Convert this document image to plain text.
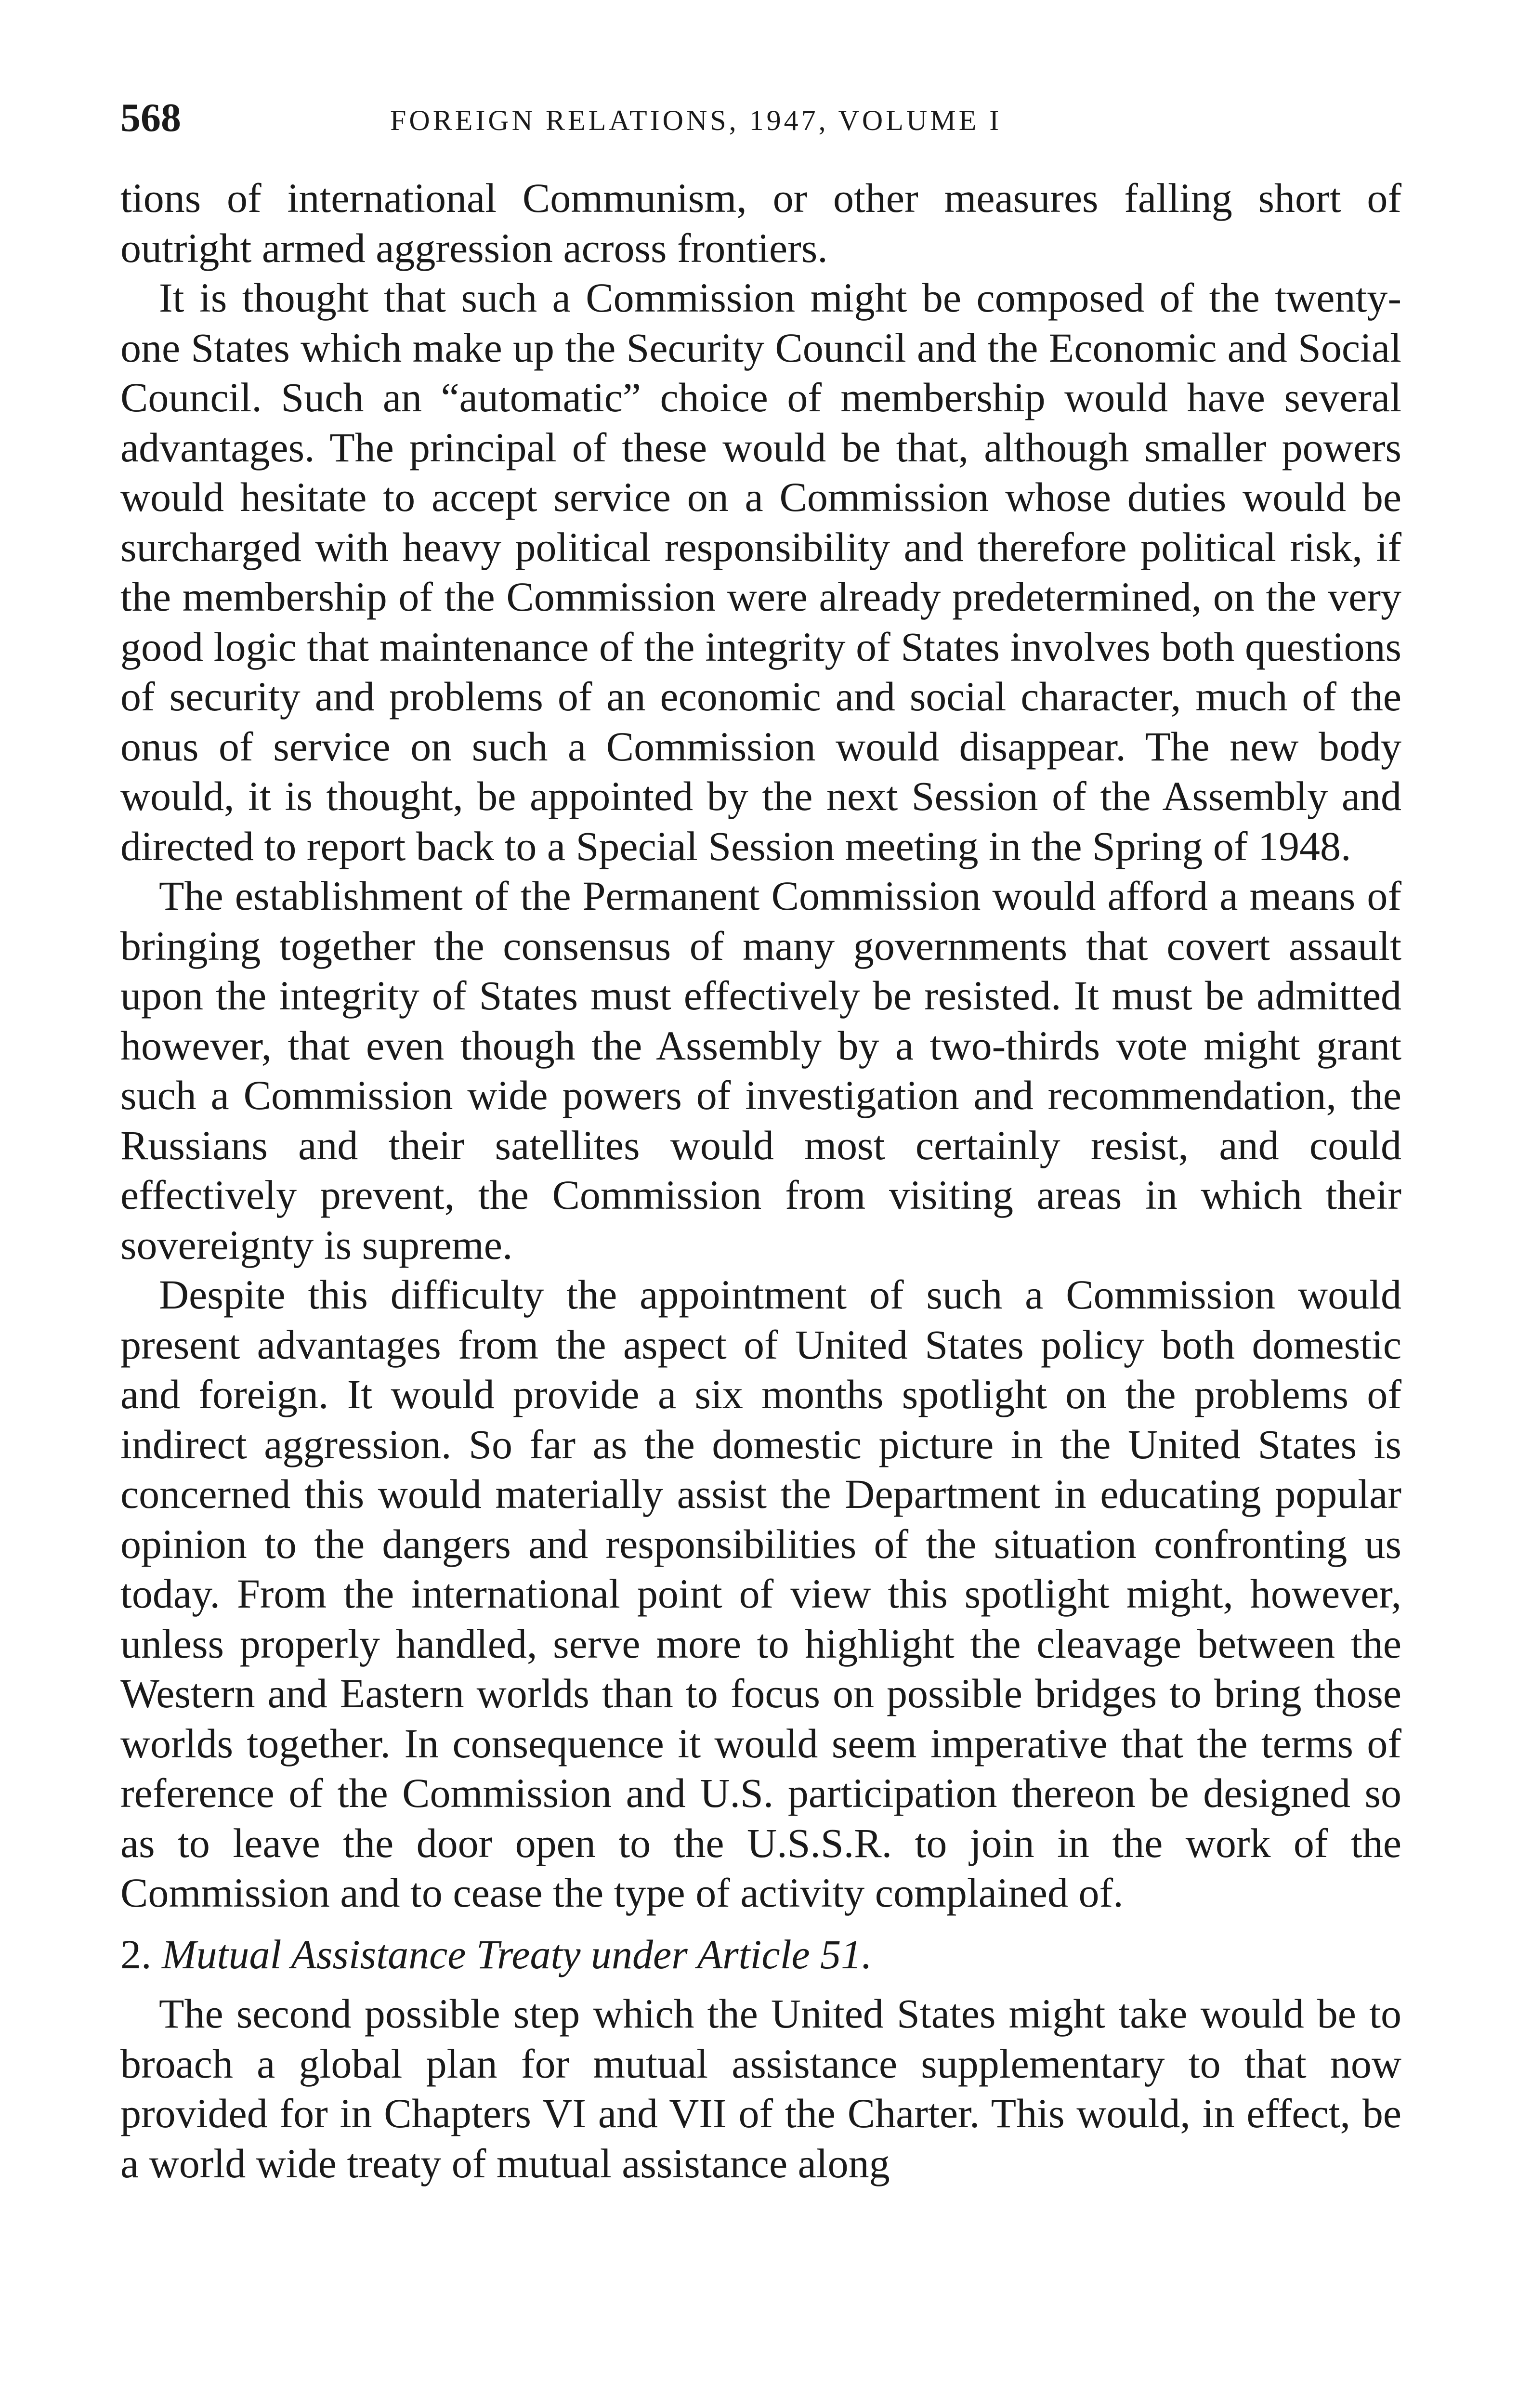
568	FOREIGN RELATIONS, 1947, VOLUME I

tions of international Communism, or other measures falling short of outright armed aggression across frontiers.

It is thought that such a Commission might be composed of the twenty-one States which make up the Security Council and the Economic and Social Council. Such an “automatic” choice of membership would have several advantages. The principal of these would be that, although smaller powers would hesitate to accept service on a Commission whose duties would be surcharged with heavy political responsibility and therefore political risk, if the membership of the Commission were already predetermined, on the very good logic that maintenance of the integrity of States involves both questions of security and problems of an economic and social character, much of the onus of service on such a Commission would disappear. The new body would, it is thought, be appointed by the next Session of the Assembly and directed to report back to a Special Session meeting in the Spring of 1948.

The establishment of the Permanent Commission would afford a means of bringing together the consensus of many governments that covert assault upon the integrity of States must effectively be resisted. It must be admitted however, that even though the Assembly by a two-thirds vote might grant such a Commission wide powers of investigation and recommendation, the Russians and their satellites would most certainly resist, and could effectively prevent, the Commission from visiting areas in which their sovereignty is supreme.

Despite this difficulty the appointment of such a Commission would present advantages from the aspect of United States policy both domestic and foreign. It would provide a six months spotlight on the problems of indirect aggression. So far as the domestic picture in the United States is concerned this would materially assist the Department in educating popular opinion to the dangers and responsibilities of the situation confronting us today. From the international point of view this spotlight might, however, unless properly handled, serve more to highlight the cleavage between the Western and Eastern worlds than to focus on possible bridges to bring those worlds together. In consequence it would seem imperative that the terms of reference of the Commission and U.S. participation thereon be designed so as to leave the door open to the U.S.S.R. to join in the work of the Commission and to cease the type of activity complained of.

2. Mutual Assistance Treaty under Article 51.

The second possible step which the United States might take would be to broach a global plan for mutual assistance supplementary to that now provided for in Chapters VI and VII of the Charter. This would, in effect, be a world wide treaty of mutual assistance along
